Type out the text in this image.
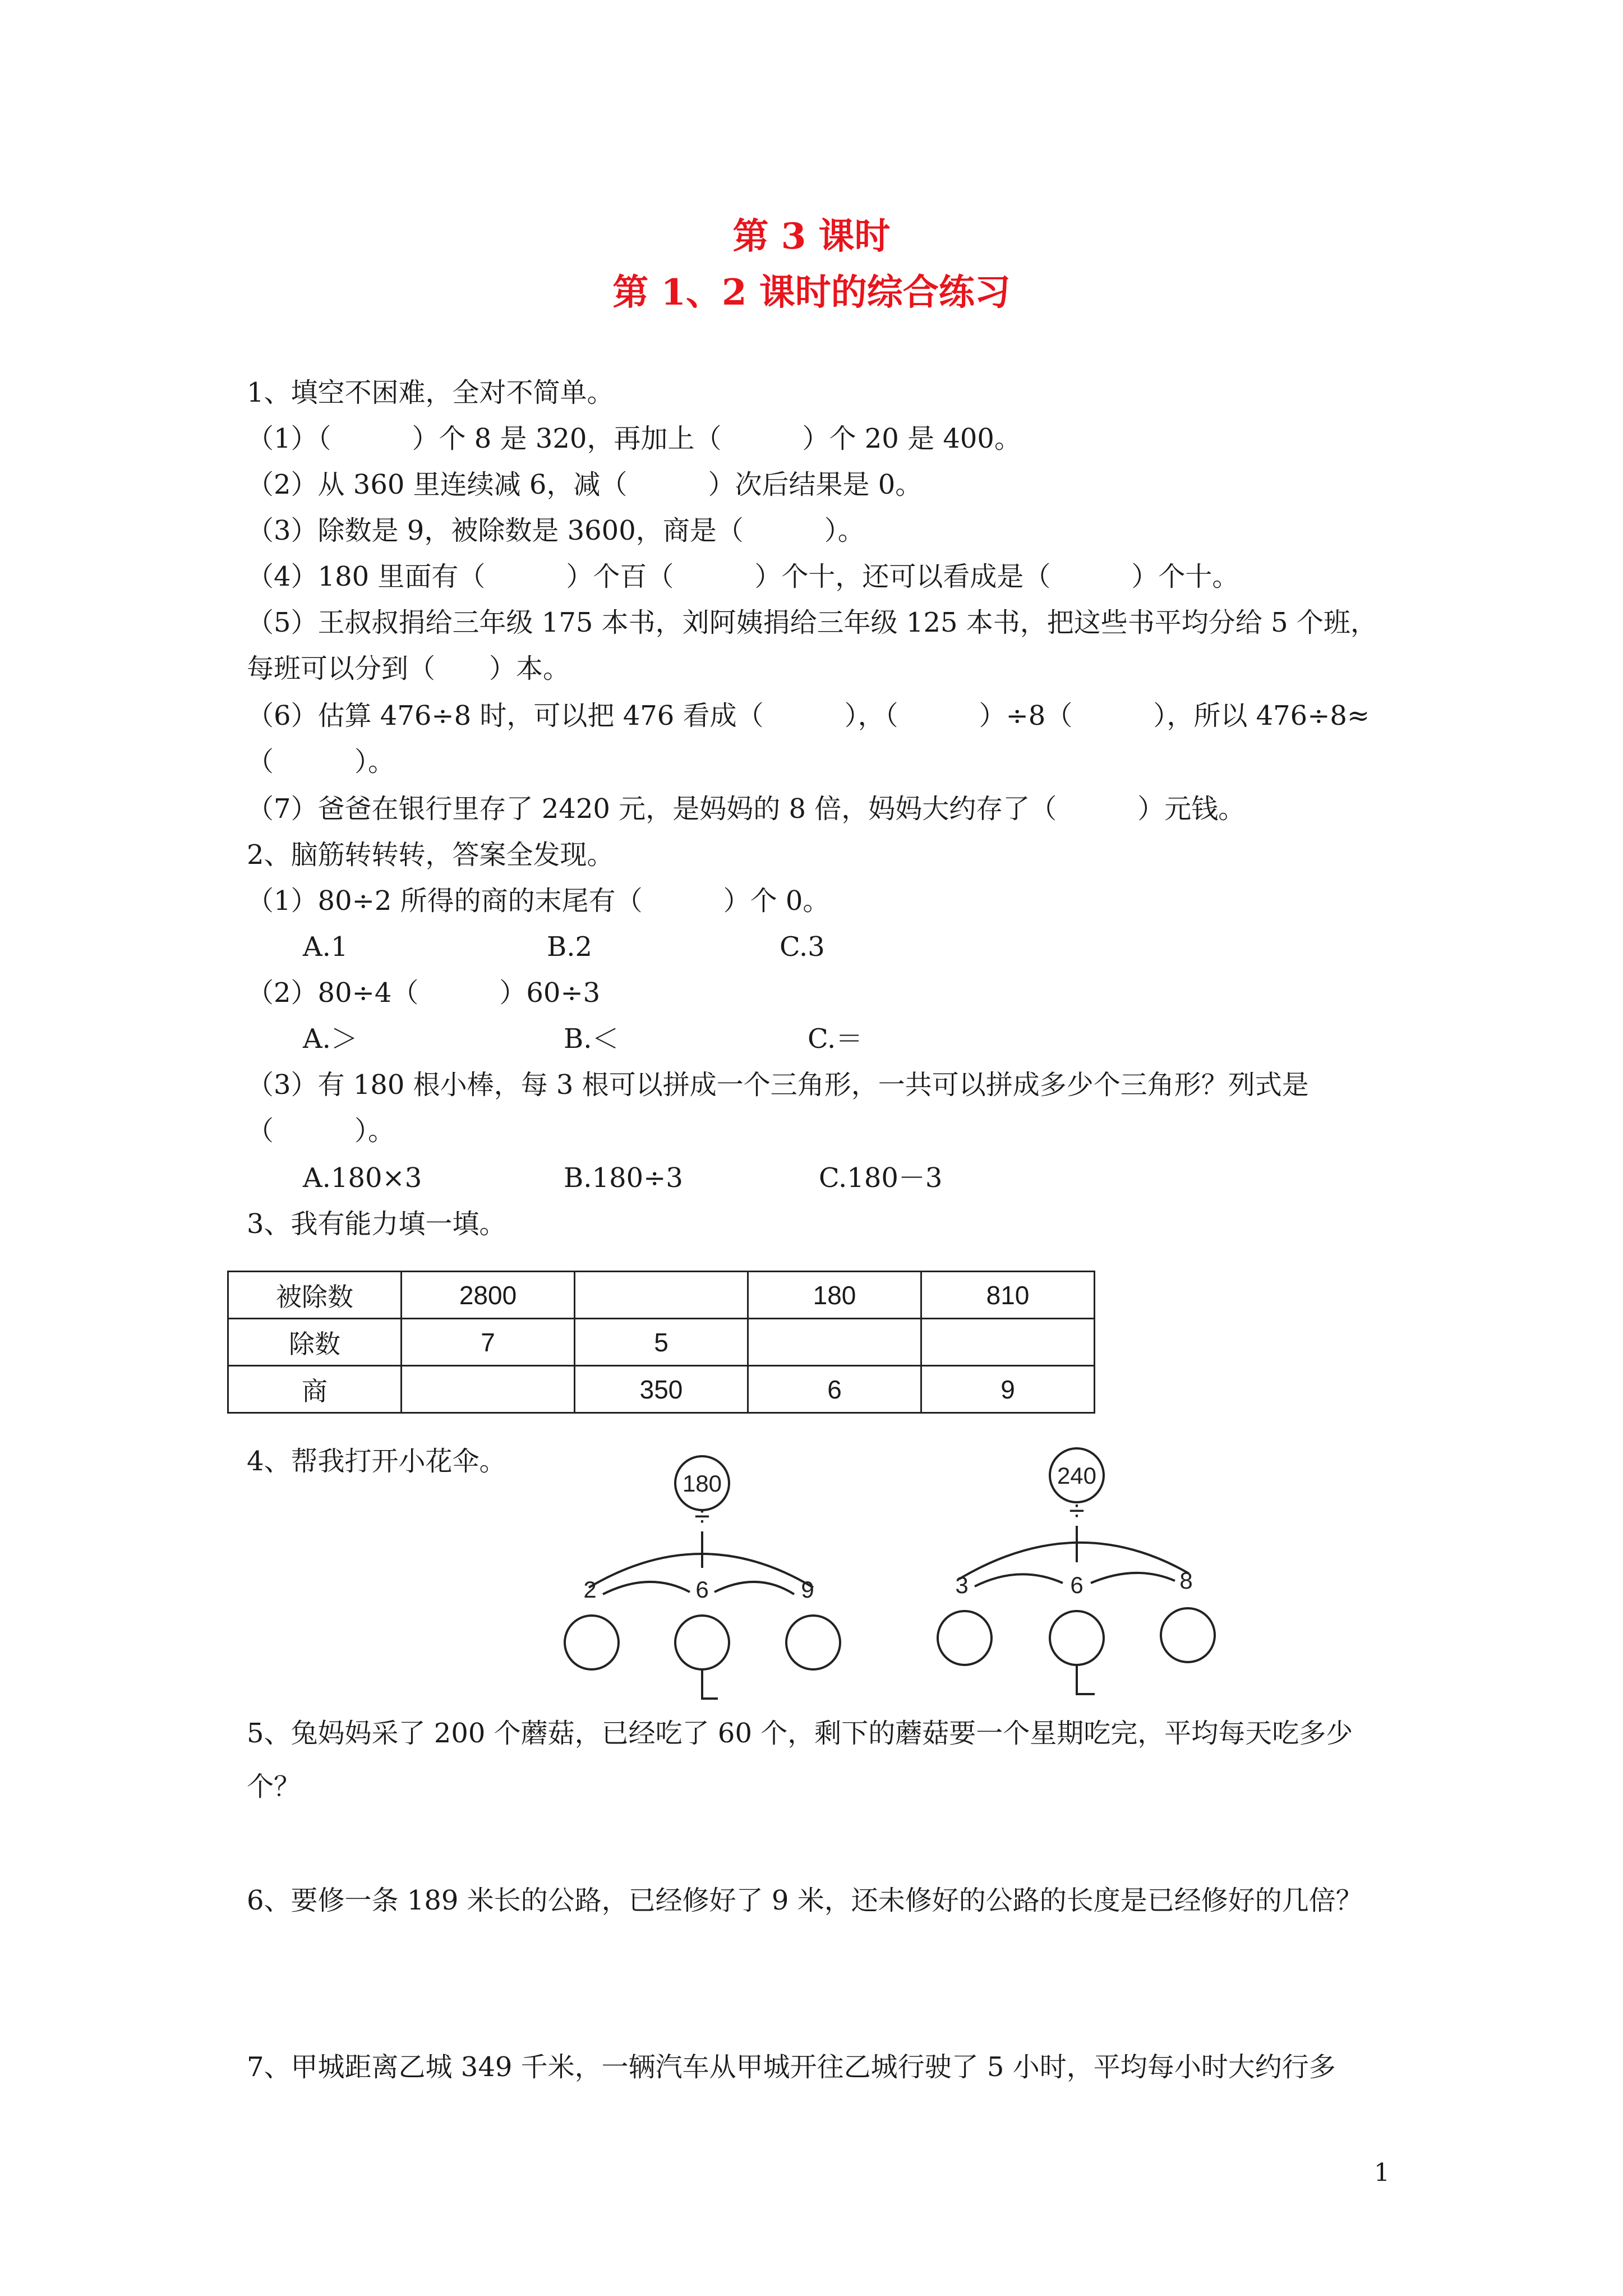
第 3 课时
第 1、2 课时的综合练习
1、填空不困难，全对不简单。
（1）（　　　）个 8 是 320，再加上（　　　）个 20 是 400。
（2）从 360 里连续减 6，减（　　　）次后结果是 0。
（3）除数是 9，被除数是 3600，商是（　　　）。
（4）180 里面有（　　　）个百（　　　）个十，还可以看成是（　　　）个十。
（5）王叔叔捐给三年级 175 本书，刘阿姨捐给三年级 125 本书，把这些书平均分给 5 个班，
每班可以分到（　　）本。
（6）估算 476÷8 时，可以把 476 看成（　　　），（　　　）÷8（　　　），所以 476÷8≈
（　　　）。
（7）爸爸在银行里存了 2420 元，是妈妈的 8 倍，妈妈大约存了（　　　）元钱。
2、脑筋转转转，答案全发现。
（1）80÷2 所得的商的末尾有（　　　）个 0。
A.1	B.2	C.3
（2）80÷4（　　　）60÷3
A.＞	B.＜	C.＝
（3）有 180 根小棒，每 3 根可以拼成一个三角形，一共可以拼成多少个三角形？列式是
（　　　）。
A.180×3	B.180÷3	C.180－3
3、我有能力填一填。
被除数	2800		180	810
除数	7	5		
商		350	6	9
4、帮我打开小花伞。
180
÷
2	6	9
240
÷
3	6	8
5、兔妈妈采了 200 个蘑菇，已经吃了 60 个，剩下的蘑菇要一个星期吃完，平均每天吃多少
个？
6、要修一条 189 米长的公路，已经修好了 9 米，还未修好的公路的长度是已经修好的几倍？
7、甲城距离乙城 349 千米，一辆汽车从甲城开往乙城行驶了 5 小时，平均每小时大约行多
1
